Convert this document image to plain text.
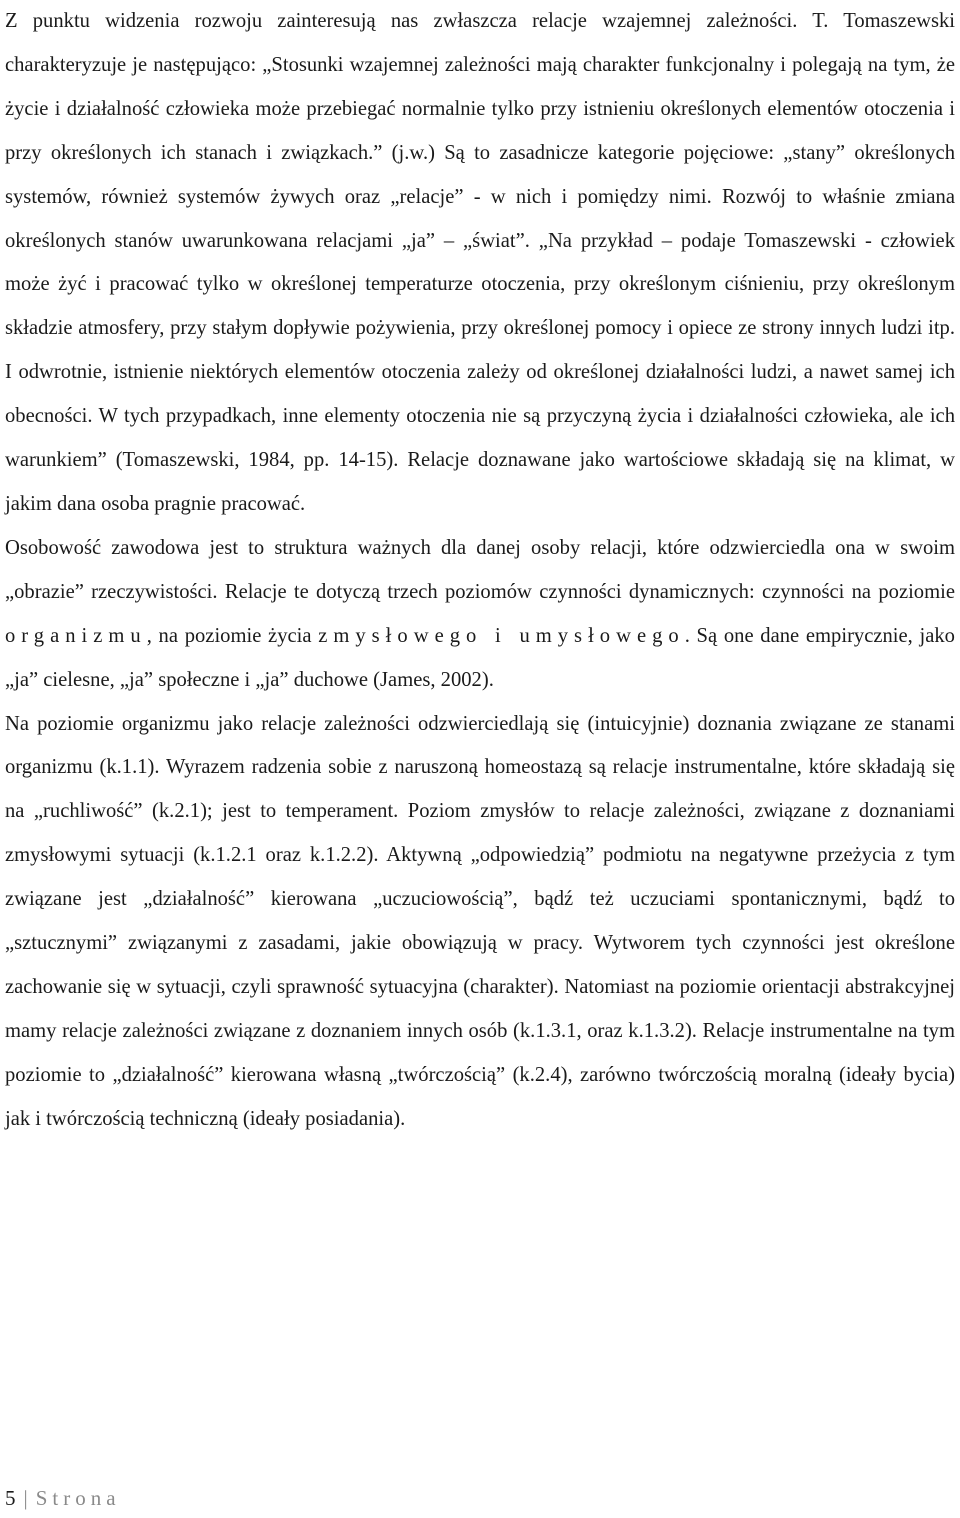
Z punktu widzenia rozwoju zainteresują nas zwłaszcza relacje wzajemnej zależności. T. Tomaszewski charakteryzuje je następująco: „Stosunki wzajemnej zależności mają charakter funkcjonalny i polegają na tym, że życie i działalność człowieka może przebiegać normalnie tylko przy istnieniu określonych elementów otoczenia i przy określonych ich stanach i związkach.” (j.w.) Są to zasadnicze kategorie pojęciowe: „stany” określonych systemów, również systemów żywych oraz „relacje” - w nich i pomiędzy nimi. Rozwój to właśnie zmiana określonych stanów uwarunkowana relacjami „ja” – „świat”. „Na przykład – podaje Tomaszewski - człowiek może żyć i pracować tylko w określonej temperaturze otoczenia, przy określonym ciśnieniu, przy określonym składzie atmosfery, przy stałym dopływie pożywienia, przy określonej pomocy i opiece ze strony innych ludzi itp. I odwrotnie, istnienie niektórych elementów otoczenia zależy od określonej działalności ludzi, a nawet samej ich obecności. W tych przypadkach, inne elementy otoczenia nie są przyczyną życia i działalności człowieka, ale ich warunkiem” (Tomaszewski, 1984, pp. 14-15). Relacje doznawane jako wartościowe składają się na klimat, w jakim dana osoba pragnie pracować.

Osobowość zawodowa jest to struktura ważnych dla danej osoby relacji, które odzwierciedla ona w swoim „obrazie” rzeczywistości. Relacje te dotyczą trzech poziomów czynności dynamicznych: czynności na poziomie organizmu, na poziomie życia zmysłowego i umysłowego. Są one dane empirycznie, jako „ja” cielesne, „ja” społeczne i „ja” duchowe (James, 2002).

Na poziomie organizmu jako relacje zależności odzwierciedlają się (intuicyjnie) doznania związane ze stanami organizmu (k.1.1). Wyrazem radzenia sobie z naruszoną homeostazą są relacje instrumentalne, które składają się na „ruchliwość” (k.2.1); jest to temperament. Poziom zmysłów to relacje zależności, związane z doznaniami zmysłowymi sytuacji (k.1.2.1 oraz k.1.2.2). Aktywną „odpowiedzią” podmiotu na negatywne przeżycia z tym związane jest „działalność” kierowana „uczuciowością”, bądź też uczuciami spontanicznymi, bądź to „sztucznymi” związanymi z zasadami, jakie obowiązują w pracy. Wytworem tych czynności jest określone zachowanie się w sytuacji, czyli sprawność sytuacyjna (charakter). Natomiast na poziomie orientacji abstrakcyjnej mamy relacje zależności związane z doznaniem innych osób (k.1.3.1, oraz k.1.3.2). Relacje instrumentalne na tym poziomie to „działalność” kierowana własną „twórczością” (k.2.4), zarówno twórczością moralną (ideały bycia) jak i twórczością techniczną (ideały posiadania).

5 | Strona
